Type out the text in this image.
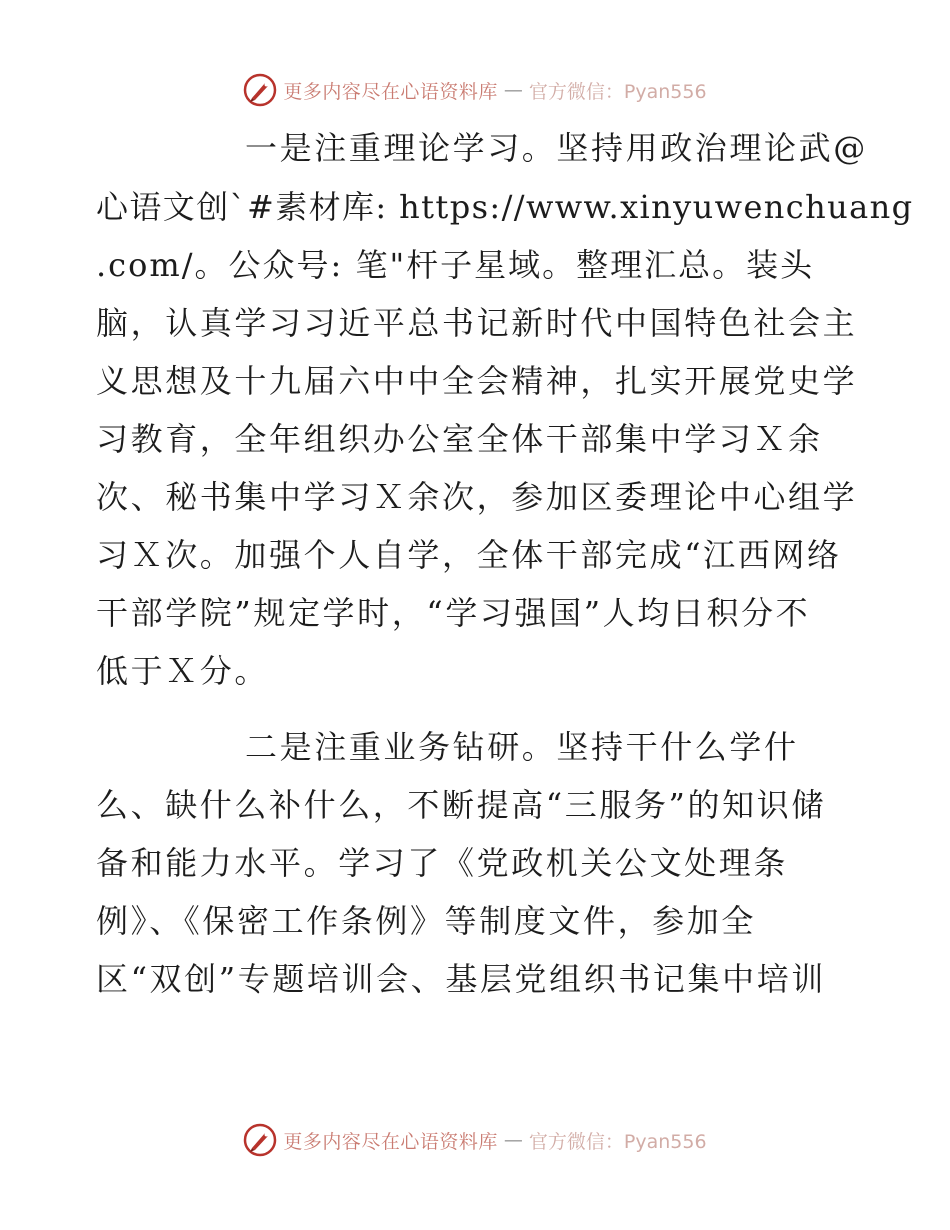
更多内容尽在心语资料库 — 官方微信：Pyan556
一是注重理论学习。坚持用政治理论武@
心语文创`#素材库: https://www.xinyuwenchuang
.com/。公众号: 笔"杆子星域。整理汇总。装头
脑，认真学习习近平总书记新时代中国特色社会主
义思想及十九届六中中全会精神，扎实开展党史学
习教育，全年组织办公室全体干部集中学习Ｘ余
次、秘书集中学习Ｘ余次，参加区委理论中心组学
习Ｘ次。加强个人自学，全体干部完成“江西网络
干部学院”规定学时，“学习强国”人均日积分不
低于Ｘ分。
二是注重业务钻研。坚持干什么学什
么、缺什么补什么，不断提高“三服务”的知识储
备和能力水平。学习了《党政机关公文处理条
例》、《保密工作条例》等制度文件，参加全
区“双创”专题培训会、基层党组织书记集中培训
更多内容尽在心语资料库 — 官方微信：Pyan556
